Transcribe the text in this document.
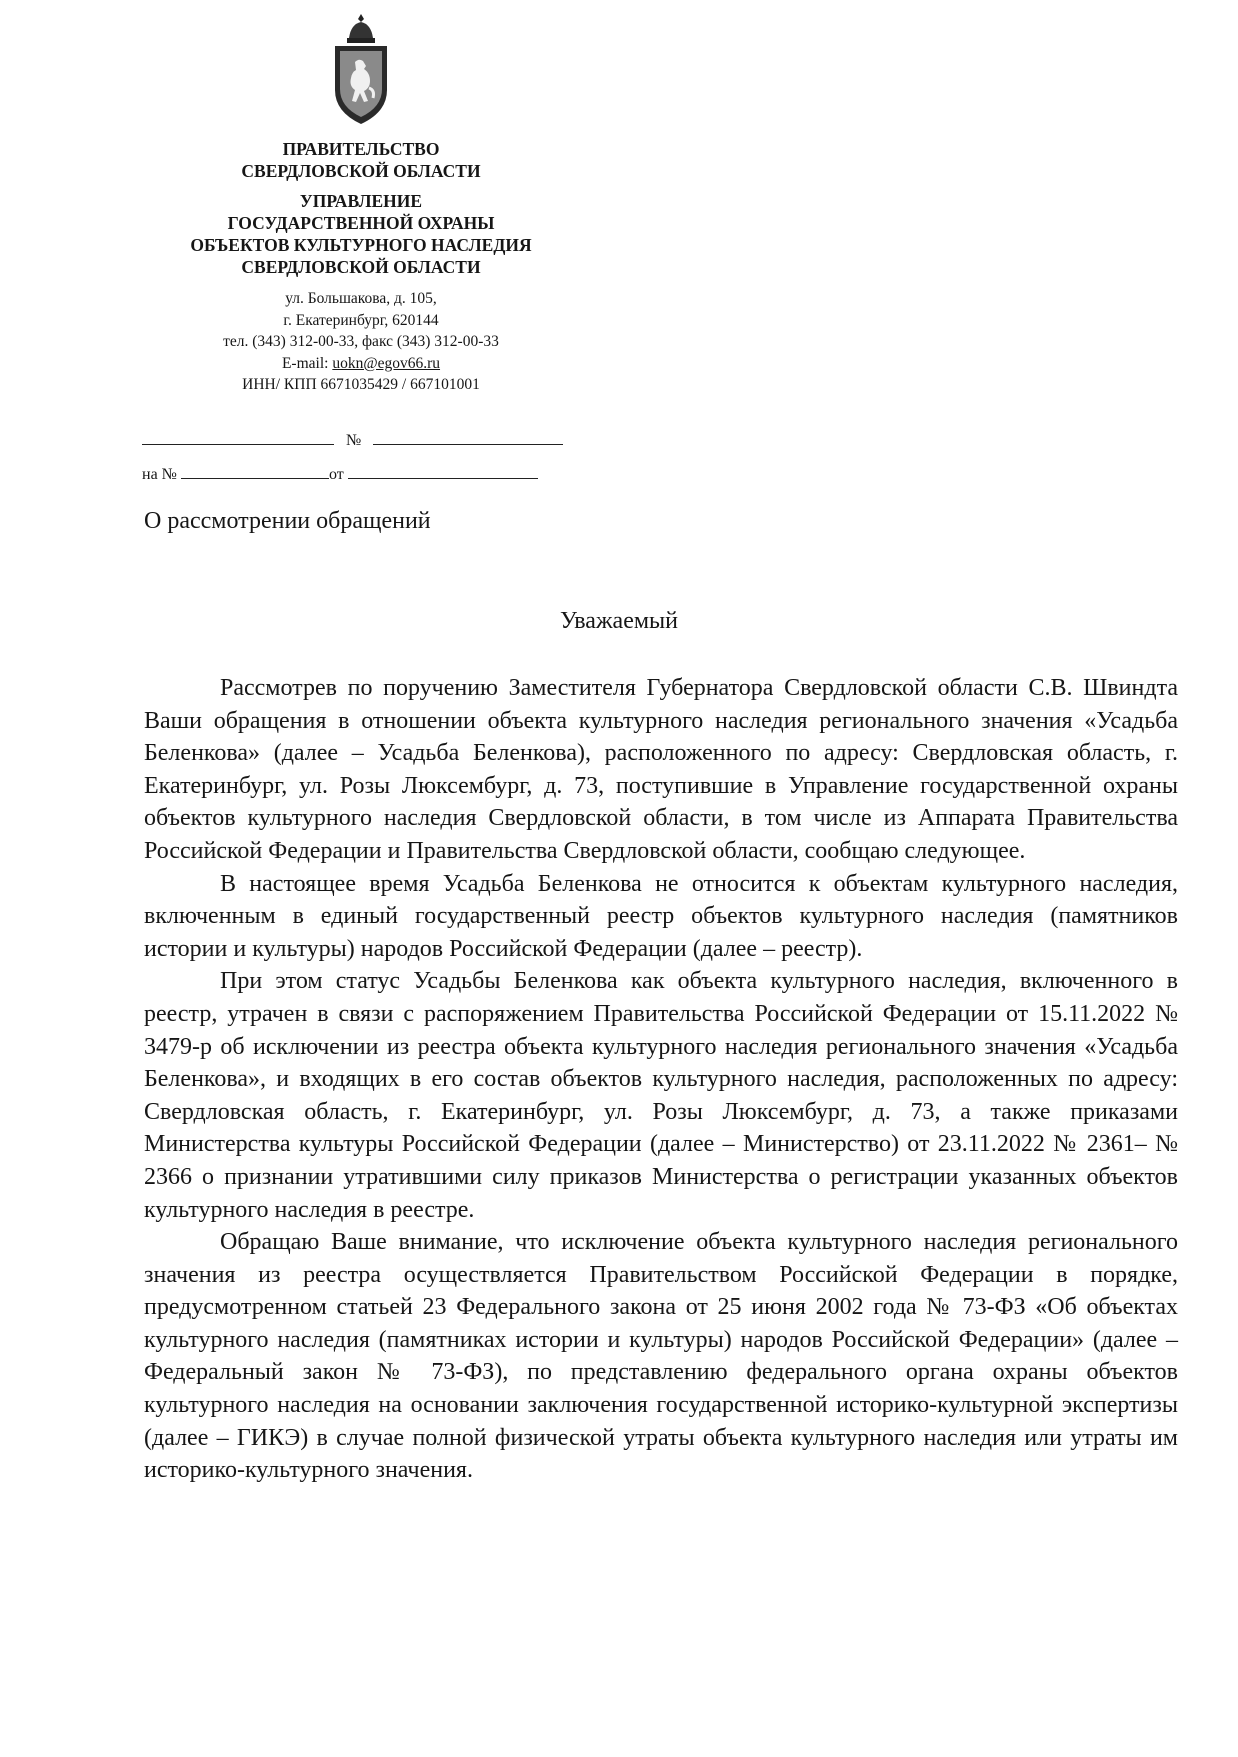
ПРАВИТЕЛЬСТВО
СВЕРДЛОВСКОЙ ОБЛАСТИ
УПРАВЛЕНИЕ
ГОСУДАРСТВЕННОЙ ОХРАНЫ
ОБЪЕКТОВ КУЛЬТУРНОГО НАСЛЕДИЯ
СВЕРДЛОВСКОЙ ОБЛАСТИ
ул. Большакова, д. 105,
г. Екатеринбург, 620144
тел. (343) 312-00-33, факс (343) 312-00-33
E-mail: uokn@egov66.ru
ИНН/ КПП 6671035429 / 667101001
№
на №	от
О рассмотрении обращений
Уважаемый

Рассмотрев по поручению Заместителя Губернатора Свердловской области С.В. Швиндта Ваши обращения в отношении объекта культурного наследия регионального значения «Усадьба Беленкова» (далее – Усадьба Беленкова), расположенного по адресу: Свердловская область, г. Екатеринбург, ул. Розы Люксембург, д. 73, поступившие в Управление государственной охраны объектов культурного наследия Свердловской области, в том числе из Аппарата Правительства Российской Федерации и Правительства Свердловской области, сообщаю следующее.

В настоящее время Усадьба Беленкова не относится к объектам культурного наследия, включенным в единый государственный реестр объектов культурного наследия (памятников истории и культуры) народов Российской Федерации (далее – реестр).

При этом статус Усадьбы Беленкова как объекта культурного наследия, включенного в реестр, утрачен в связи с распоряжением Правительства Российской Федерации от 15.11.2022 № 3479-р об исключении из реестра объекта культурного наследия регионального значения «Усадьба Беленкова», и входящих в его состав объектов культурного наследия, расположенных по адресу: Свердловская область, г. Екатеринбург, ул. Розы Люксембург, д. 73, а также приказами Министерства культуры Российской Федерации (далее – Министерство) от 23.11.2022 № 2361– № 2366 о признании утратившими силу приказов Министерства о регистрации указанных объектов культурного наследия в реестре.

Обращаю Ваше внимание, что исключение объекта культурного наследия регионального значения из реестра осуществляется Правительством Российской Федерации в порядке, предусмотренном статьей 23 Федерального закона от 25 июня 2002 года № 73-ФЗ «Об объектах культурного наследия (памятниках истории и культуры) народов Российской Федерации» (далее – Федеральный закон № 73-ФЗ), по представлению федерального органа охраны объектов культурного наследия на основании заключения государственной историко-культурной экспертизы (далее – ГИКЭ) в случае полной физической утраты объекта культурного наследия или утраты им историко-культурного значения.
